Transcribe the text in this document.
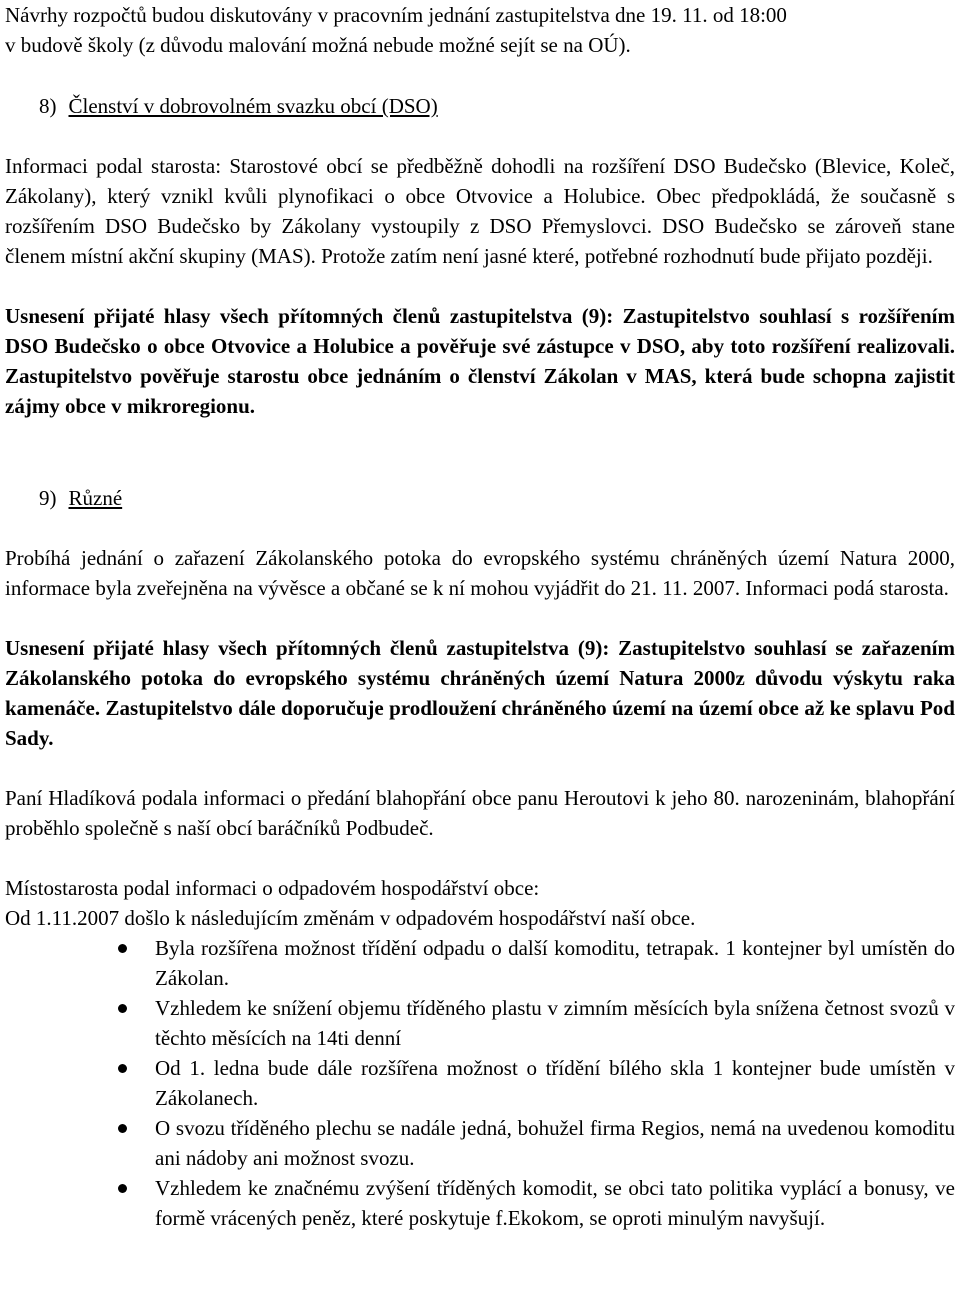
Návrhy rozpočtů budou diskutovány v pracovním jednání zastupitelstva dne 19. 11. od 18:00

v budově školy (z důvodu malování možná nebude možné sejít se na OÚ).

8) Členství v dobrovolném svazku obcí (DSO)

Informaci podal starosta: Starostové obcí se předběžně dohodli na rozšíření DSO Budečsko (Blevice, Koleč, Zákolany), který vznikl kvůli plynofikaci o obce Otvovice a Holubice. Obec předpokládá, že současně s rozšířením DSO Budečsko by Zákolany vystoupily z DSO Přemyslovci. DSO Budečsko se zároveň stane členem místní akční skupiny (MAS). Protože zatím není jasné které, potřebné rozhodnutí bude přijato později.

Usnesení přijaté hlasy všech přítomných členů zastupitelstva (9): Zastupitelstvo souhlasí s rozšířením DSO Budečsko o obce Otvovice a Holubice a pověřuje své zástupce v DSO, aby toto rozšíření realizovali. Zastupitelstvo pověřuje starostu obce jednáním o členství Zákolan v MAS, která bude schopna zajistit zájmy obce v mikroregionu.

9) Různé

Probíhá jednání o zařazení Zákolanského potoka do evropského systému chráněných území Natura 2000, informace byla zveřejněna na vývěsce a občané se k ní mohou vyjádřit do 21. 11. 2007. Informaci podá starosta.

Usnesení přijaté hlasy všech přítomných členů zastupitelstva (9): Zastupitelstvo souhlasí se zařazením Zákolanského potoka do evropského systému chráněných území Natura 2000z důvodu výskytu raka kamenáče. Zastupitelstvo dále doporučuje prodloužení chráněného území na území obce až ke splavu Pod Sady.

Paní Hladíková podala informaci o předání blahopřání obce panu Heroutovi k jeho 80. narozeninám, blahopřání proběhlo společně s naší obcí baráčníků Podbudeč.

Místostarosta podal informaci o odpadovém hospodářství obce:

Od 1.11.2007 došlo k následujícím změnám v odpadovém hospodářství naší obce.

Byla rozšířena možnost třídění odpadu o další komoditu, tetrapak. 1 kontejner byl umístěn do Zákolan.
Vzhledem ke snížení objemu tříděného plastu v zimním měsících byla snížena četnost svozů v těchto měsících na 14ti denní
Od 1. ledna bude dále rozšířena možnost o třídění bílého skla 1 kontejner bude umístěn v Zákolanech.
O svozu tříděného plechu se nadále jedná, bohužel firma Regios, nemá na uvedenou komoditu ani nádoby ani možnost svozu.
Vzhledem ke značnému zvýšení tříděných komodit, se obci tato politika vyplácí a bonusy, ve formě vrácených peněz, které poskytuje f.Ekokom, se oproti minulým navyšují.
